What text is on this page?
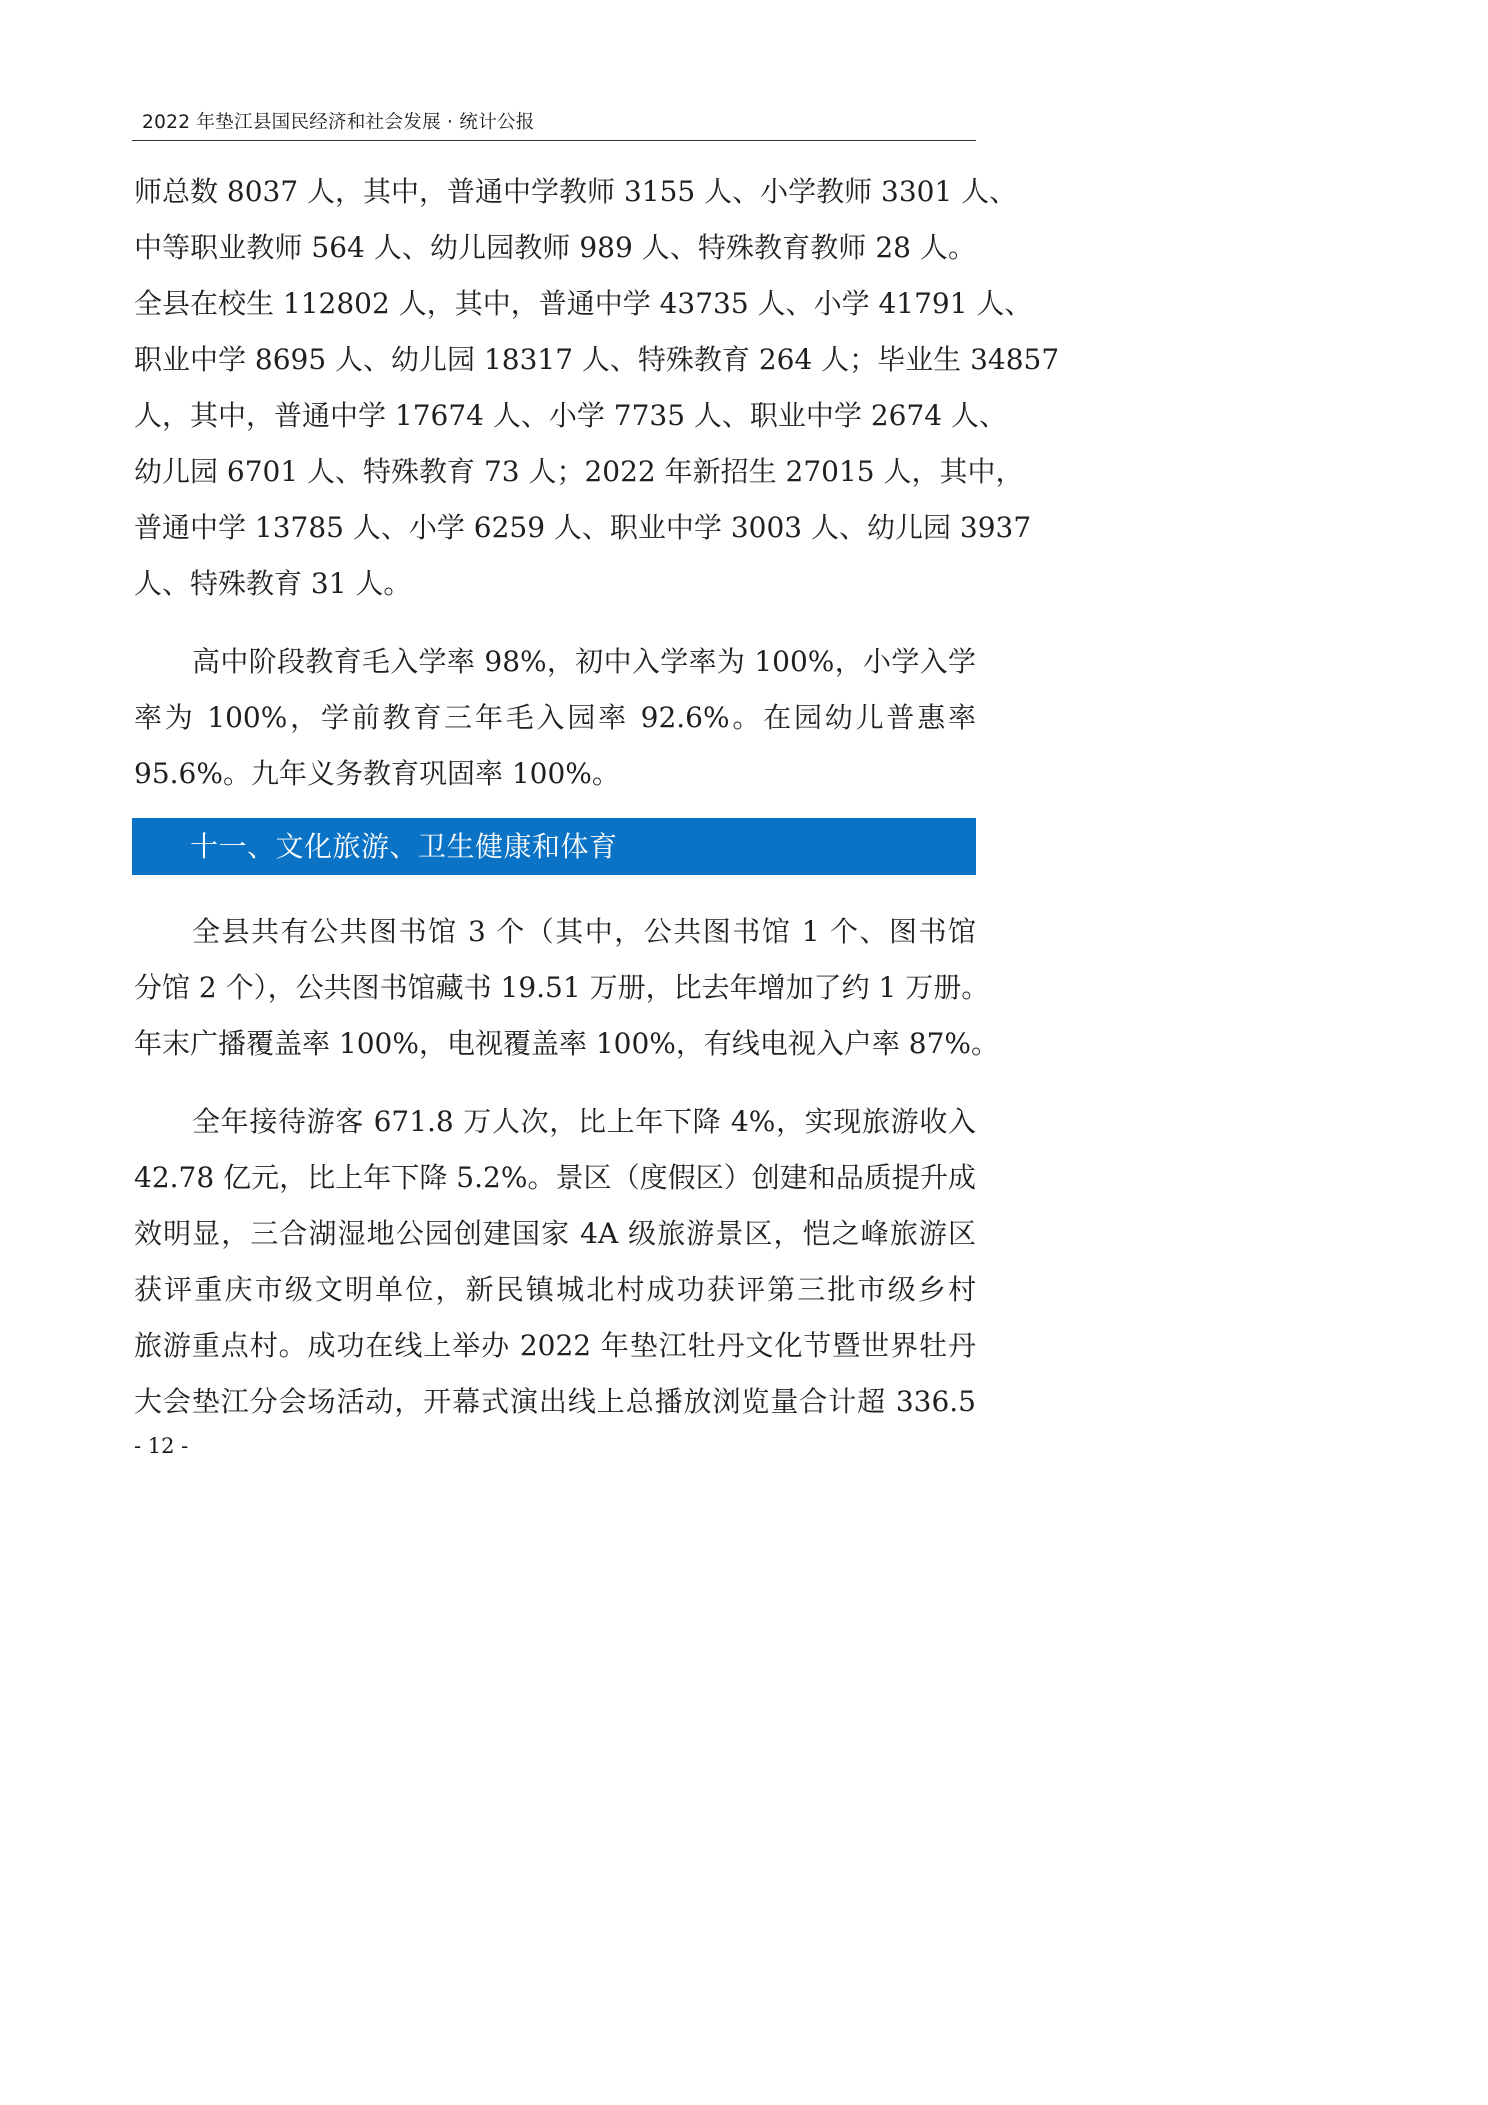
2022 年垫江县国民经济和社会发展 · 统计公报
师总数 8037 人，其中，普通中学教师 3155 人、小学教师 3301 人、
中等职业教师 564 人、幼儿园教师 989 人、特殊教育教师 28 人。
全县在校生 112802 人，其中，普通中学 43735 人、小学 41791 人、
职业中学 8695 人、幼儿园 18317 人、特殊教育 264 人；毕业生 34857
人，其中，普通中学 17674 人、小学 7735 人、职业中学 2674 人、
幼儿园 6701 人、特殊教育 73 人；2022 年新招生 27015 人，其中，
普通中学 13785 人、小学 6259 人、职业中学 3003 人、幼儿园 3937
人、特殊教育 31 人。
高中阶段教育毛入学率 98%，初中入学率为 100%，小学入学
率为 100%，学前教育三年毛入园率 92.6%。在园幼儿普惠率
95.6%。九年义务教育巩固率 100%。
十一、文化旅游、卫生健康和体育
全县共有公共图书馆 3 个（其中，公共图书馆 1 个、图书馆
分馆 2 个），公共图书馆藏书 19.51 万册，比去年增加了约 1 万册。
年末广播覆盖率 100%，电视覆盖率 100%，有线电视入户率 87%。
全年接待游客 671.8 万人次，比上年下降 4%，实现旅游收入
42.78 亿元，比上年下降 5.2%。景区（度假区）创建和品质提升成
效明显，三合湖湿地公园创建国家 4A 级旅游景区，恺之峰旅游区
获评重庆市级文明单位，新民镇城北村成功获评第三批市级乡村
旅游重点村。成功在线上举办 2022 年垫江牡丹文化节暨世界牡丹
大会垫江分会场活动，开幕式演出线上总播放浏览量合计超 336.5
- 12 -
